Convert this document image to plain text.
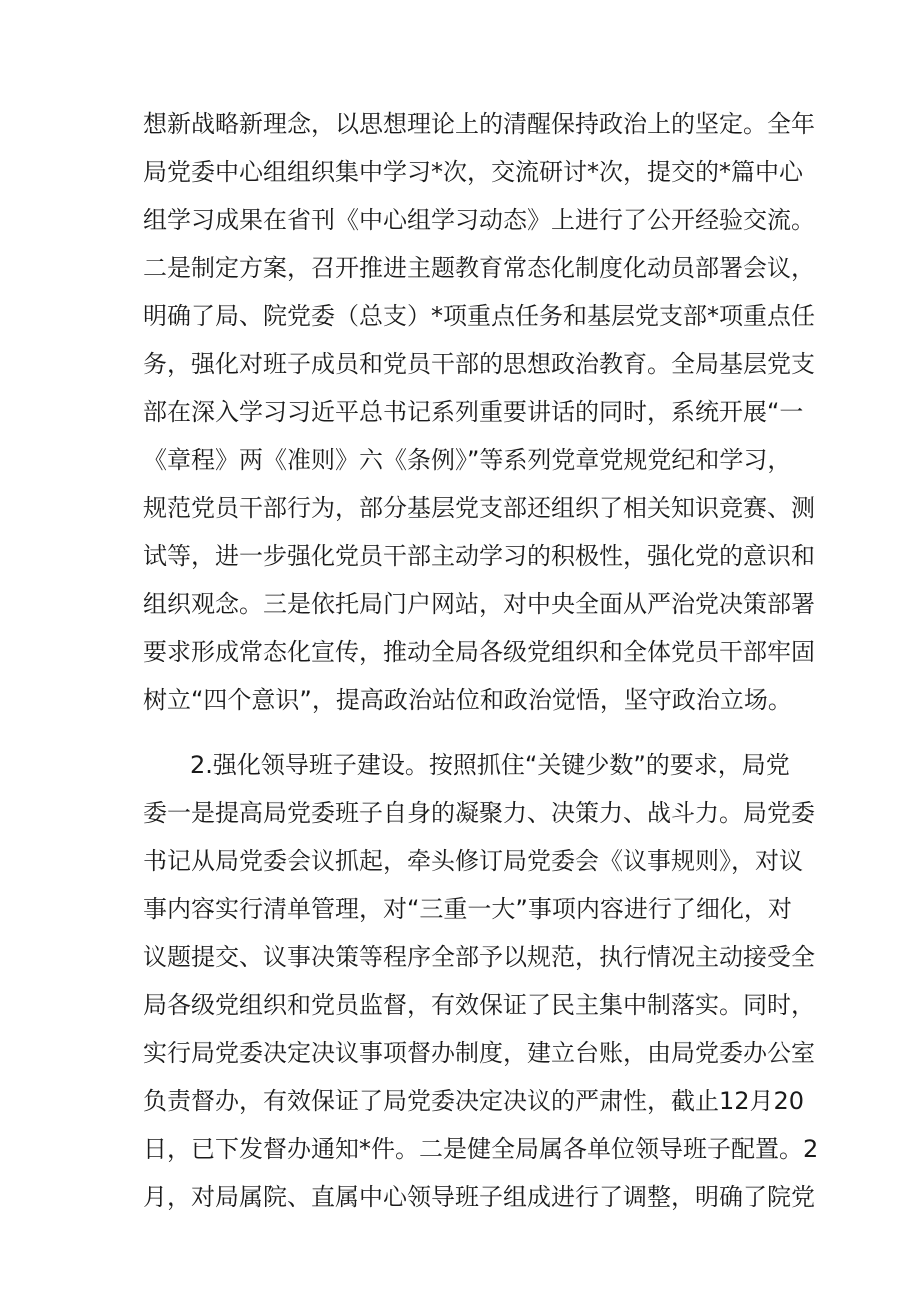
想新战略新理念，以思想理论上的清醒保持政治上的坚定。全年
局党委中心组组织集中学习*次，交流研讨*次，提交的*篇中心
组学习成果在省刊《中心组学习动态》上进行了公开经验交流。
二是制定方案，召开推进主题教育常态化制度化动员部署会议，
明确了局、院党委（总支）*项重点任务和基层党支部*项重点任
务，强化对班子成员和党员干部的思想政治教育。全局基层党支
部在深入学习习近平总书记系列重要讲话的同时，系统开展“一
《章程》两《准则》六《条例》”等系列党章党规党纪和学习，
规范党员干部行为，部分基层党支部还组织了相关知识竞赛、测
试等，进一步强化党员干部主动学习的积极性，强化党的意识和
组织观念。三是依托局门户网站，对中央全面从严治党决策部署
要求形成常态化宣传，推动全局各级党组织和全体党员干部牢固
树立“四个意识”，提高政治站位和政治觉悟，坚守政治立场。
2.强化领导班子建设。按照抓住“关键少数”的要求，局党
委一是提高局党委班子自身的凝聚力、决策力、战斗力。局党委
书记从局党委会议抓起，牵头修订局党委会《议事规则》，对议
事内容实行清单管理，对“三重一大”事项内容进行了细化，对
议题提交、议事决策等程序全部予以规范，执行情况主动接受全
局各级党组织和党员监督，有效保证了民主集中制落实。同时，
实行局党委决定决议事项督办制度，建立台账，由局党委办公室
负责督办，有效保证了局党委决定决议的严肃性，截止12月20
日，已下发督办通知*件。二是健全局属各单位领导班子配置。2
月，对局属院、直属中心领导班子组成进行了调整，明确了院党
